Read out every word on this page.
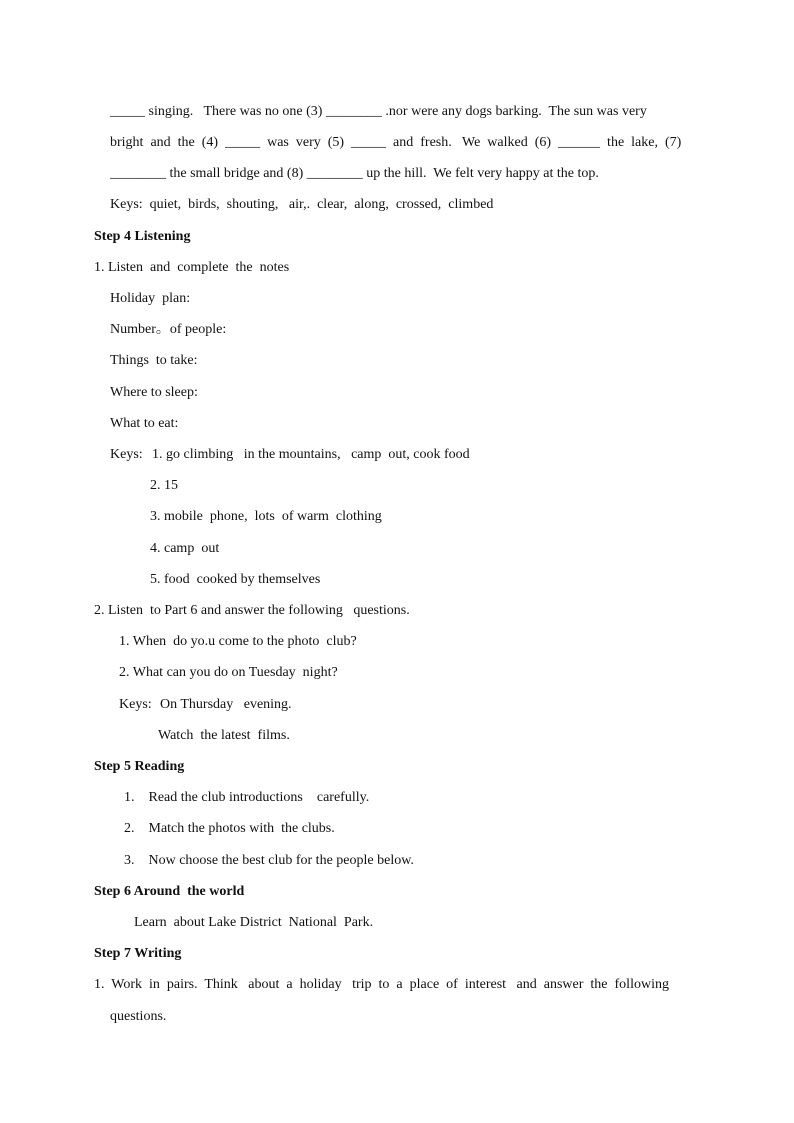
_____ singing.   There was no one (3) ________ .nor were any dogs barking.  The sun was very
bright  and  the  (4)  _____  was  very  (5)  _____  and  fresh.   We  walked  (6)  ______  the  lake,  (7)
________ the small bridge and (8) ________ up the hill.  We felt very happy at the top.
Keys:  quiet,  birds,  shouting,   air,.  clear,  along,  crossed,  climbed
Step 4 Listening
1. Listen  and  complete  the  notes
Holiday  plan:
Number。of people:
Things  to take:
Where to sleep:
What to eat:
Keys: 1. go climbing   in the mountains,   camp  out, cook food
2. 15
3. mobile  phone,  lots  of warm  clothing
4. camp  out
5. food  cooked by themselves
2. Listen  to Part 6 and answer the following   questions.
1. When  do yo.u come to the photo  club?
2. What can you do on Tuesday  night?
Keys: On Thursday   evening.
Watch  the latest  films.
Step 5 Reading
1.    Read the club introductions    carefully.
2.    Match the photos with  the clubs.
3.    Now choose the best club for the people below.
Step 6 Around  the world
Learn  about Lake District  National  Park.
Step 7 Writing
1.  Work  in  pairs.  Think   about  a  holiday   trip  to  a  place  of  interest   and  answer  the  following
questions.
